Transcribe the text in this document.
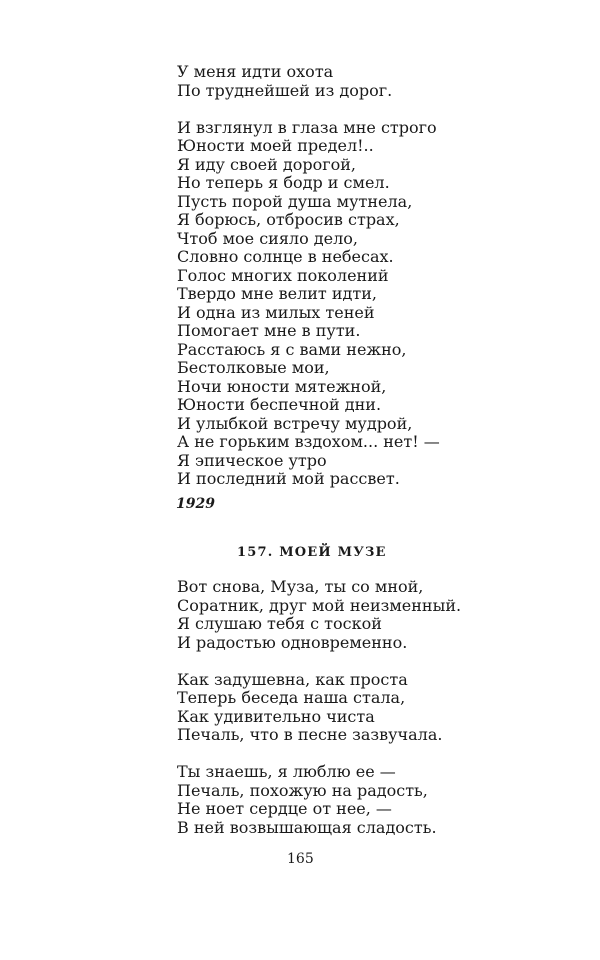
У меня идти охота

По труднейшей из дорог.

И взглянул в глаза мне строго

Юности моей предел!..

Я иду своей дорогой,

Но теперь я бодр и смел.

Пусть порой душа мутнела,

Я борюсь, отбросив страх,

Чтоб мое сияло дело,

Словно солнце в небесах.

Голос многих поколений

Твердо мне велит идти,

И одна из милых теней

Помогает мне в пути.

Расстаюсь я с вами нежно,

Бестолковые мои,

Ночи юности мятежной,

Юности беспечной дни.

И улыбкой встречу мудрой,

А не горьким вздохом... нет! —

Я эпическое утро

И последний мой рассвет.

1929

157. МОЕЙ МУЗЕ

Вот снова, Муза, ты со мной,

Соратник, друг мой неизменный.

Я слушаю тебя с тоской

И радостью одновременно.

Как задушевна, как проста

Теперь беседа наша стала,

Как удивительно чиста

Печаль, что в песне зазвучала.

Ты знаешь, я люблю ее —

Печаль, похожую на радость,

Не ноет сердце от нее, —

В ней возвышающая сладость.

165
